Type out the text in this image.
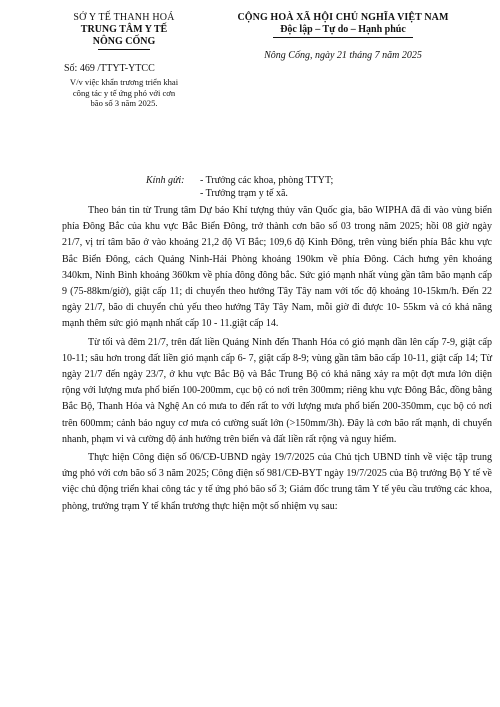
SỞ Y TẾ THANH HOÁ
TRUNG TÂM Y TẾ
NÔNG CỐNG
Số: 469 /TTYT-YTCC
V/v việc khẩn trương triển khai
công tác y tế ứng phó với cơn
bão số 3 năm 2025.
CỘNG HOÀ XÃ HỘI CHỦ NGHĨA VIỆT NAM
Độc lập – Tự do – Hạnh phúc
Nông Cống, ngày 21 tháng 7 năm 2025
Kính gửi:	- Trưởng các khoa, phòng TTYT;
- Trưởng trạm y tế xã.

Theo bản tin từ Trung tâm Dự báo Khí tượng thủy văn Quốc gia, bão WIPHA đã đi vào vùng biển phía Đông Bắc của khu vực Bắc Biển Đông, trở thành cơn bão số 03 trong năm 2025; hồi 08 giờ ngày 21/7, vị trí tâm bão ở vào khoảng 21,2 độ Vĩ Bắc; 109,6 độ Kinh Đông, trên vùng biển phía Bắc khu vực Bắc Biển Đông, cách Quảng Ninh-Hải Phòng khoảng 190km về phía Đông. Cách hưng yên khoảng 340km, Ninh Bình khoảng 360km về phía đông đông bắc. Sức gió mạnh nhất vùng gần tâm bão mạnh cấp 9 (75-88km/giờ), giật cấp 11; di chuyển theo hướng Tây Tây nam với tốc độ khoảng 10-15km/h. Đến 22 ngày 21/7, bão di chuyển chủ yếu theo hướng Tây Tây Nam, mỗi giờ đi được 10- 55km và có khả năng mạnh thêm sức gió mạnh nhất cấp 10 - 11.giật cấp 14.

Từ tối và đêm 21/7, trên đất liền Quảng Ninh đến Thanh Hóa có gió mạnh dần lên cấp 7-9, giật cấp 10-11; sâu hơn trong đất liền gió mạnh cấp 6- 7, giật cấp 8-9; vùng gần tâm bão cấp 10-11, giật cấp 14; Từ ngày 21/7 đến ngày 23/7, ở khu vực Bắc Bộ và Bắc Trung Bộ có khả năng xảy ra một đợt mưa lớn diện rộng với lượng mưa phổ biến 100-200mm, cục bộ có nơi trên 300mm; riêng khu vực Đông Bắc, đồng bằng Bắc Bộ, Thanh Hóa và Nghệ An có mưa to đến rất to với lượng mưa phổ biến 200-350mm, cục bộ có nơi trên 600mm; cảnh báo nguy cơ mưa có cường suất lớn (>150mm/3h). Đây là cơn bão rất mạnh, di chuyển nhanh, phạm vi và cường độ ảnh hưởng trên biển và đất liền rất rộng và nguy hiểm.

Thực hiện Công điện số 06/CĐ-UBND ngày 19/7/2025 của Chủ tịch UBND tỉnh về việc tập trung ứng phó với cơn bão số 3 năm 2025; Công điện số 981/CĐ-BYT ngày 19/7/2025 của Bộ trưởng Bộ Y tế về việc chủ động triển khai công tác y tế ứng phó bão số 3; Giám đốc trung tâm Y tế yêu cầu trưởng các khoa, phòng, trưởng trạm Y tế khẩn trương thực hiện một số nhiệm vụ sau:
